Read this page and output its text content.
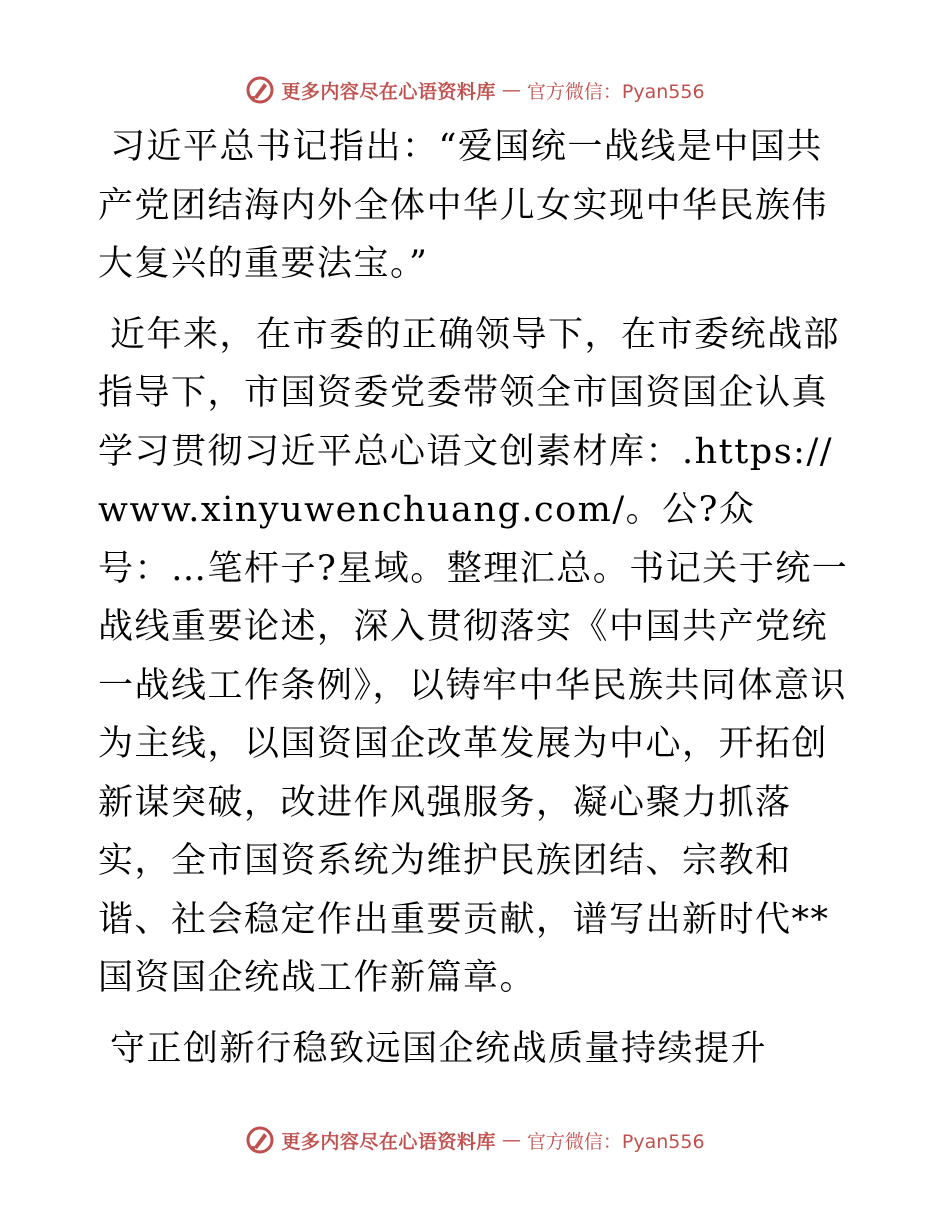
更多内容尽在心语资料库 — 官方微信：Pyan556

习近平总书记指出：“爱国统一战线是中国共产党团结海内外全体中华儿女实现中华民族伟大复兴的重要法宝。”

近年来，在市委的正确领导下，在市委统战部指导下，市国资委党委带领全市国资国企认真学习贯彻习近平总心语文创素材库：.https://www.xinyuwenchuang.com/。公?众号：…笔杆子?星域。整理汇总。书记关于统一战线重要论述，深入贯彻落实《中国共产党统一战线工作条例》，以铸牢中华民族共同体意识为主线，以国资国企改革发展为中心，开拓创新谋突破，改进作风强服务，凝心聚力抓落实，全市国资系统为维护民族团结、宗教和谐、社会稳定作出重要贡献，谱写出新时代**国资国企统战工作新篇章。

守正创新行稳致远国企统战质量持续提升

更多内容尽在心语资料库 — 官方微信：Pyan556
